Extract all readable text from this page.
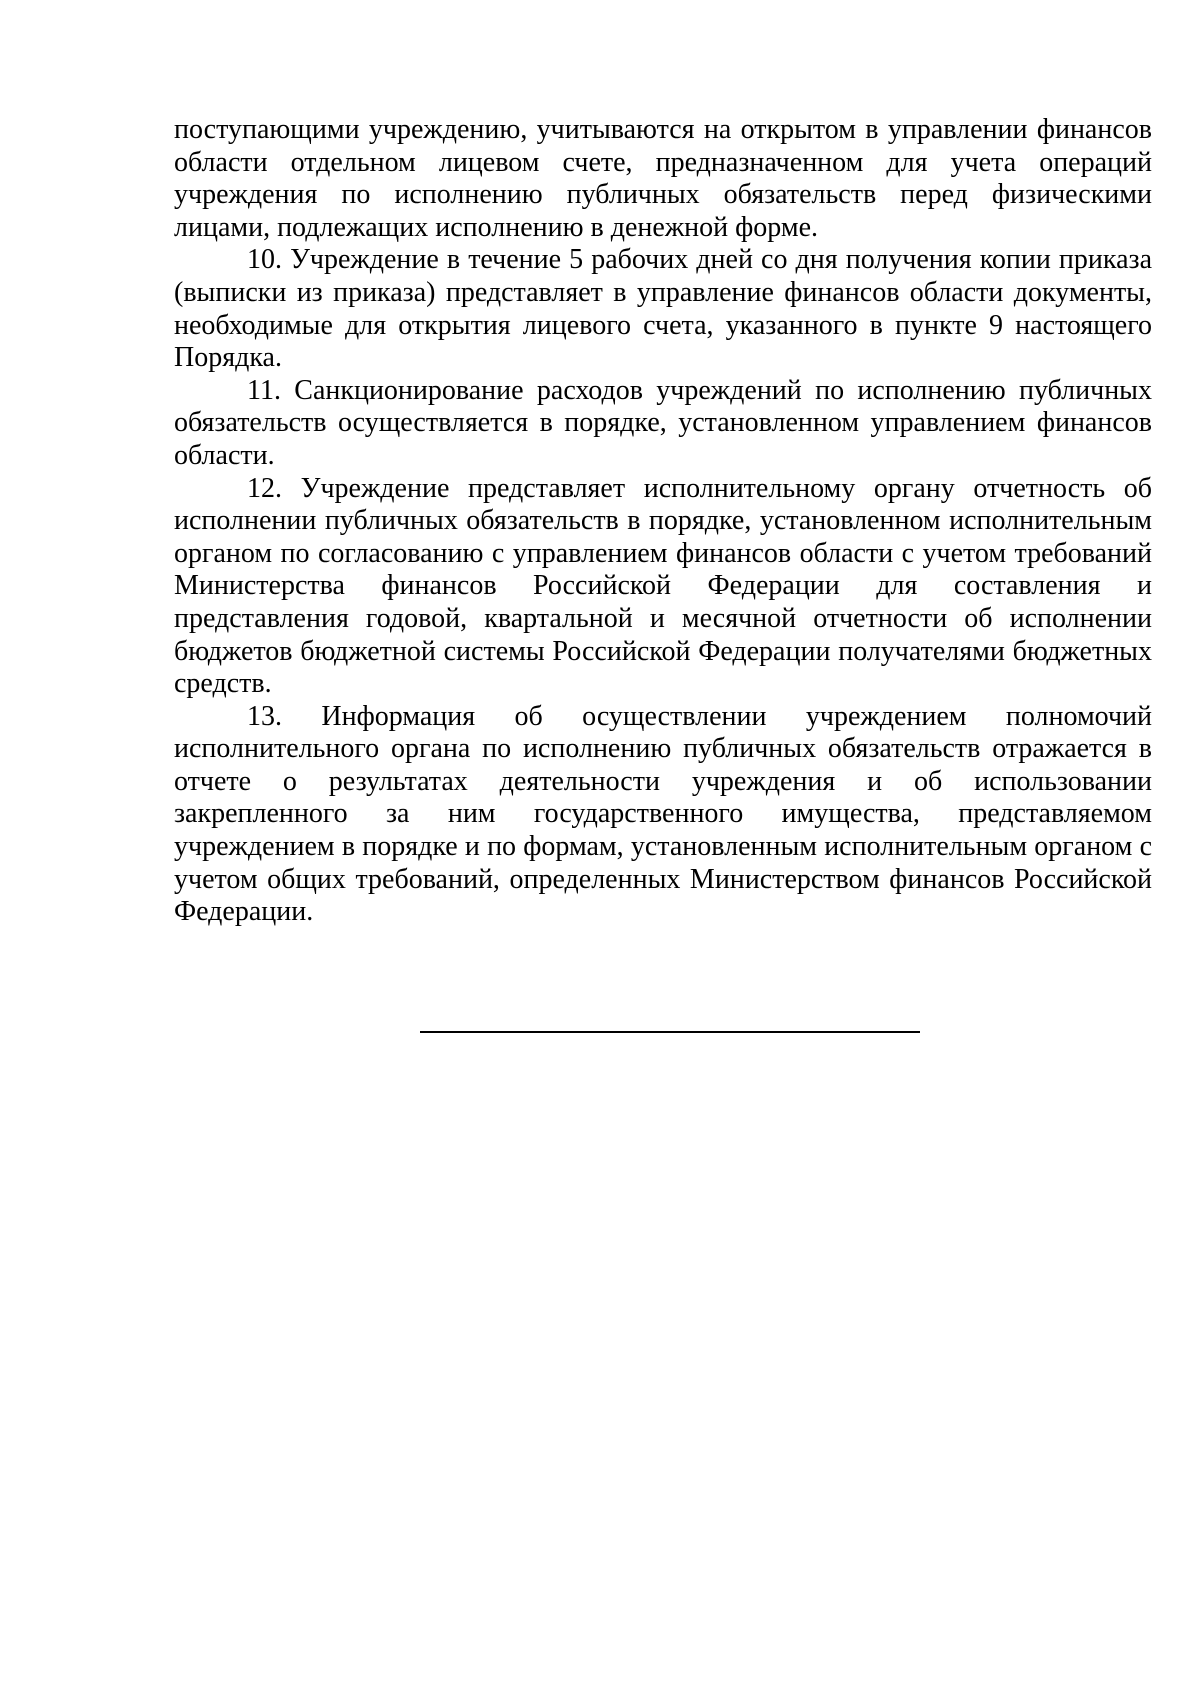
поступающими учреждению, учитываются на открытом в управлении финансов области отдельном лицевом счете, предназначенном для учета операций учреждения по исполнению публичных обязательств перед физическими лицами, подлежащих исполнению в денежной форме.

10. Учреждение в течение 5 рабочих дней со дня получения копии приказа (выписки из приказа) представляет в управление финансов области документы, необходимые для открытия лицевого счета, указанного в пункте 9 настоящего Порядка.

11. Санкционирование расходов учреждений по исполнению публичных обязательств осуществляется в порядке, установленном управлением финансов области.

12. Учреждение представляет исполнительному органу отчетность об исполнении публичных обязательств в порядке, установленном исполнительным органом по согласованию с управлением финансов области с учетом требований Министерства финансов Российской Федерации для составления и представления годовой, квартальной и месячной отчетности об исполнении бюджетов бюджетной системы Российской Федерации получателями бюджетных средств.

13. Информация об осуществлении учреждением полномочий исполнительного органа по исполнению публичных обязательств отражается в отчете о результатах деятельности учреждения и об использовании закрепленного за ним государственного имущества, представляемом учреждением в порядке и по формам, установленным исполнительным органом с учетом общих требований, определенных Министерством финансов Российской Федерации.
